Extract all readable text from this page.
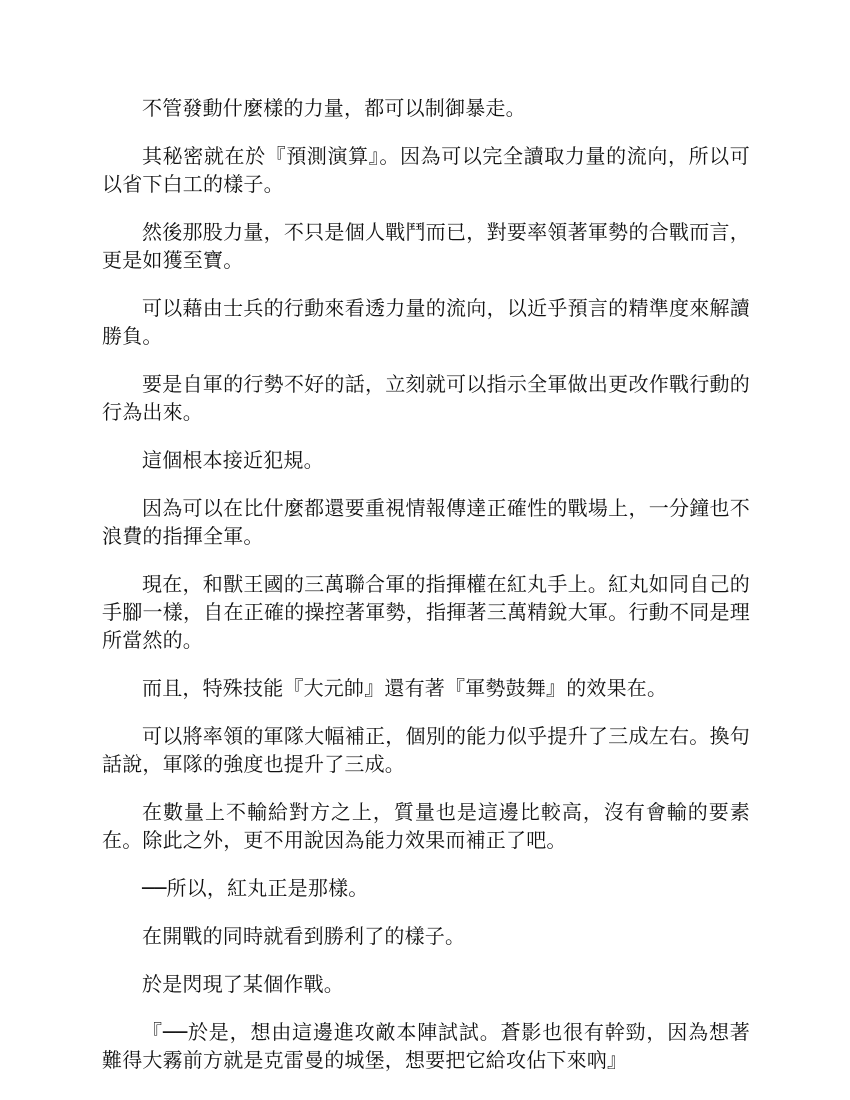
不管發動什麼樣的力量，都可以制御暴走。

其秘密就在於『預測演算』。因為可以完全讀取力量的流向，所以可以省下白工的樣子。

然後那股力量，不只是個人戰鬥而已，對要率領著軍勢的合戰而言，更是如獲至寶。

可以藉由士兵的行動來看透力量的流向，以近乎預言的精準度來解讀勝負。

要是自軍的行勢不好的話，立刻就可以指示全軍做出更改作戰行動的行為出來。

這個根本接近犯規。

因為可以在比什麼都還要重視情報傳達正確性的戰場上，一分鐘也不浪費的指揮全軍。

現在，和獸王國的三萬聯合軍的指揮權在紅丸手上。紅丸如同自己的手腳一樣，自在正確的操控著軍勢，指揮著三萬精銳大軍。行動不同是理所當然的。

而且，特殊技能『大元帥』還有著『軍勢鼓舞』的效果在。

可以將率領的軍隊大幅補正，個別的能力似乎提升了三成左右。換句話說，軍隊的強度也提升了三成。

在數量上不輸給對方之上，質量也是這邊比較高，沒有會輸的要素在。除此之外，更不用說因為能力效果而補正了吧。

──所以，紅丸正是那樣。

在開戰的同時就看到勝利了的樣子。

於是閃現了某個作戰。

『──於是，想由這邊進攻敵本陣試試。蒼影也很有幹勁，因為想著難得大霧前方就是克雷曼的城堡，想要把它給攻佔下來吶』
